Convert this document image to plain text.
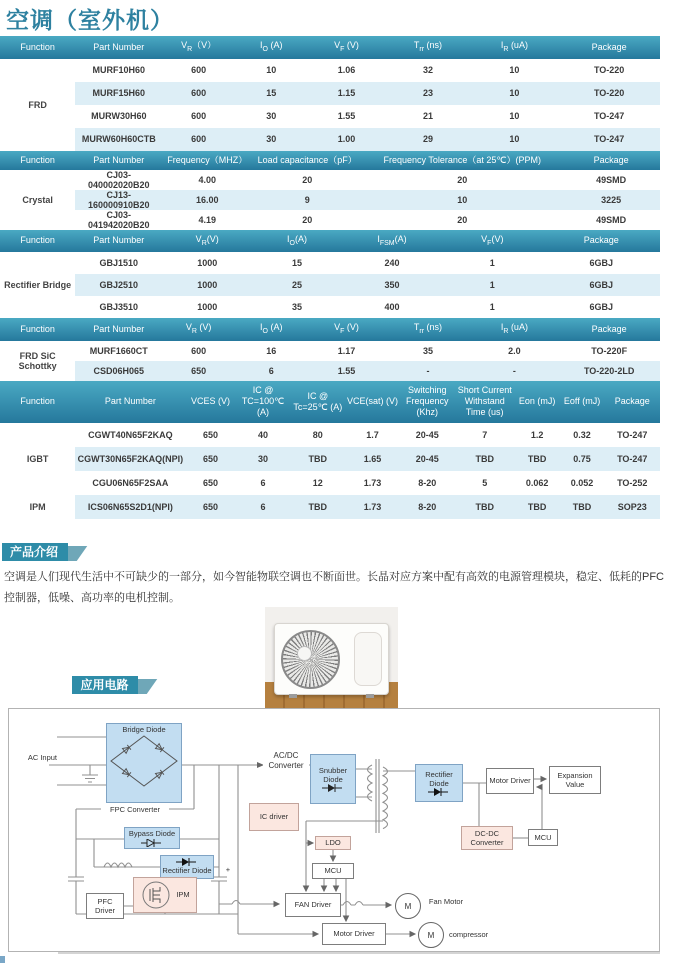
空调（室外机）
Function	Part Number	$V_R(V)$	$I_O$ (A)	$V_F$ (V)	$T_{rr}$ (ns)	$I_R$ (uA)	Package
FRD	MURF10H60	600	10	1.06	32	10	TO-220
	MURF15H60	600	15	1.15	23	10	TO-220
	MURW30H60	600	30	1.55	21	10	TO-247
	MURW60H60CTB	600	30	1.00	29	10	TO-247
Function	Part Number	Frequency（MHZ）	Load capacitance（pF）	Frequency Tolerance（at 25℃）(PPM)	Package
Crystal	CJ03-040002020B20	4.00	20	20	49SMD
	CJ13-160000910B20	16.00	9	10	3225
	CJ03-041942020B20	4.19	20	20	49SMD
Function	Part Number	$V_R(V)$	$I_O(A)$	$I_{FSM}(A)$	$V_F(V)$	Package
Rectifier Bridge	GBJ1510	1000	15	240	1	6GBJ
	GBJ2510	1000	25	350	1	6GBJ
	GBJ3510	1000	35	400	1	6GBJ
Function	Part Number	$V_R$ (V)	$I_O$ (A)	$V_F$ (V)	$T_{rr}$ (ns)	$I_R$ (uA)	Package
FRD SiC Schottky	MURF1660CT	600	16	1.17	35	2.0	TO-220F
	CSD06H065	650	6	1.55	-	-	TO-220-2LD
Function	Part Number	VCES (V)	IC @ TC=100℃ (A)	IC @ Tc=25℃ (A)	VCE(sat) (V)	Switching Frequency (Khz)	Short Current Withstand Time (us)	Eon (mJ)	Eoff (mJ)	Package
IGBT	CGWT40N65F2KAQ	650	40	80	1.7	20-45	7	1.2	0.32	TO-247
	CGWT30N65F2KAQ(NPI)	650	30	TBD	1.65	20-45	TBD	TBD	0.75	TO-247
	CGU06N65F2SAA	650	6	12	1.73	8-20	5	0.062	0.052	TO-252
IPM	ICS06N65S2D1(NPI)	650	6	TBD	1.73	8-20	TBD	TBD	TBD	SOP23
产品介绍
空调是人们现代生活中不可缺少的一部分，如今智能物联空调也不断面世。长晶对应方案中配有高效的电源管理模块，稳定、低耗的PFC控制器，低噪、高功率的电机控制。
应用电路
Bridge Diode
AC Input
FPC Converter
AC/DC Converter
Snubber Diode
IC driver
Bypass Diode
Rectifier Diode
PFC Driver
IPM
+
Rectifier Diode	Motor Driver
Expansion Value
DC-DC Converter
MCU
LDO
MCU
FAN Driver
Motor Driver
M	Fan Motor
M	compressor
